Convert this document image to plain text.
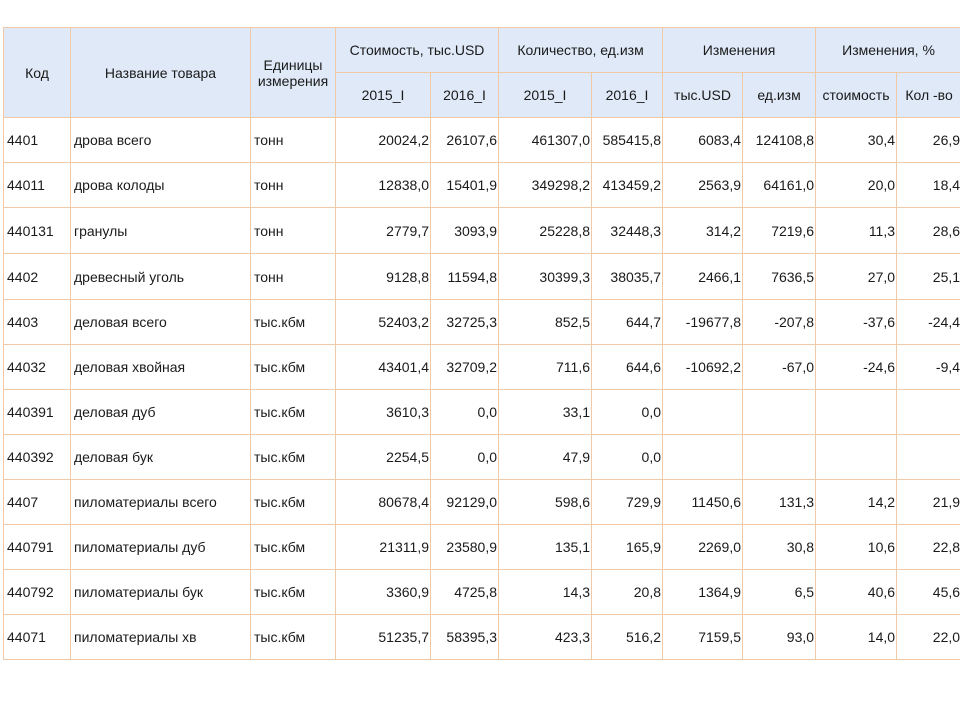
Код	Название товара	Единицы измерения	Стоимость, тыс.USD		Количество, ед.изм		Изменения		Изменения, %	
			2015_I	2016_I	2015_I	2016_I	тыс.USD	ед.изм	стоимость	Кол -во
4401	дрова всего	тонн	20024,2	26107,6	461307,0	585415,8	6083,4	124108,8	30,4	26,9
44011	дрова колоды	тонн	12838,0	15401,9	349298,2	413459,2	2563,9	64161,0	20,0	18,4
440131	гранулы	тонн	2779,7	3093,9	25228,8	32448,3	314,2	7219,6	11,3	28,6
4402	древесный уголь	тонн	9128,8	11594,8	30399,3	38035,7	2466,1	7636,5	27,0	25,1
4403	деловая всего	тыс.кбм	52403,2	32725,3	852,5	644,7	-19677,8	-207,8	-37,6	-24,4
44032	деловая хвойная	тыс.кбм	43401,4	32709,2	711,6	644,6	-10692,2	-67,0	-24,6	-9,4
440391	деловая дуб	тыс.кбм	3610,3	0,0	33,1	0,0				
440392	деловая бук	тыс.кбм	2254,5	0,0	47,9	0,0				
4407	пиломатериалы всего	тыс.кбм	80678,4	92129,0	598,6	729,9	11450,6	131,3	14,2	21,9
440791	пиломатериалы дуб	тыс.кбм	21311,9	23580,9	135,1	165,9	2269,0	30,8	10,6	22,8
440792	пиломатериалы бук	тыс.кбм	3360,9	4725,8	14,3	20,8	1364,9	6,5	40,6	45,6
44071	пиломатериалы хв	тыс.кбм	51235,7	58395,3	423,3	516,2	7159,5	93,0	14,0	22,0
